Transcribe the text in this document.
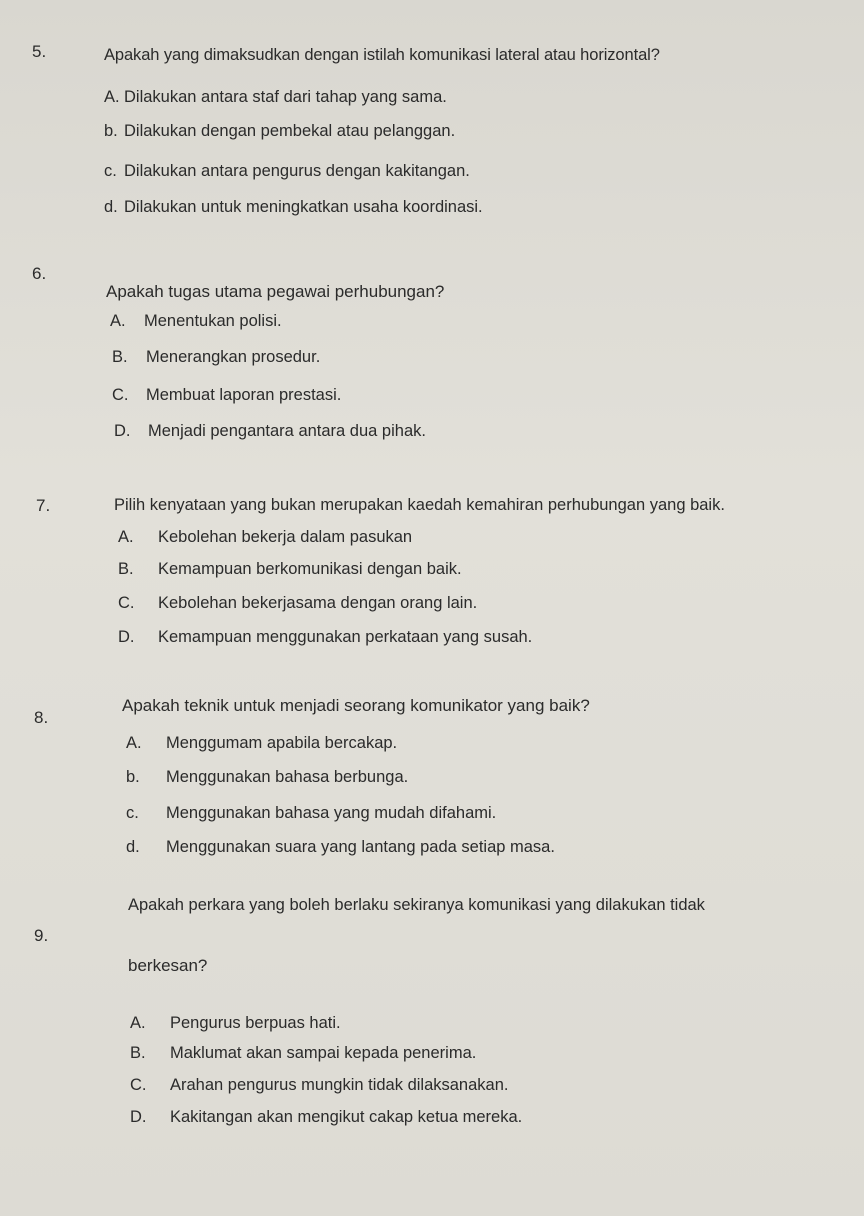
5.	Apakah yang dimaksudkan dengan istilah komunikasi lateral atau horizontal?
A. Dilakukan antara staf dari tahap yang sama.
b. Dilakukan dengan pembekal atau pelanggan.
c. Dilakukan antara pengurus dengan kakitangan.
d. Dilakukan untuk meningkatkan usaha koordinasi.
6.
Apakah tugas utama pegawai perhubungan?
A. Menentukan polisi.
B. Menerangkan prosedur.
C. Membuat laporan prestasi.
D. Menjadi pengantara antara dua pihak.
7.	Pilih kenyataan yang bukan merupakan kaedah kemahiran perhubungan yang baik.
A. Kebolehan bekerja dalam pasukan
B. Kemampuan berkomunikasi dengan baik.
C. Kebolehan bekerjasama dengan orang lain.
D. Kemampuan menggunakan perkataan yang susah.
8.
Apakah teknik untuk menjadi seorang komunikator yang baik?
A. Menggumam apabila bercakap.
b. Menggunakan bahasa berbunga.
c. Menggunakan bahasa yang mudah difahami.
d. Menggunakan suara yang lantang pada setiap masa.
9.
Apakah perkara yang boleh berlaku sekiranya komunikasi yang dilakukan tidak
berkesan?
A. Pengurus berpuas hati.
B. Maklumat akan sampai kepada penerima.
C. Arahan pengurus mungkin tidak dilaksanakan.
D. Kakitangan akan mengikut cakap ketua mereka.
